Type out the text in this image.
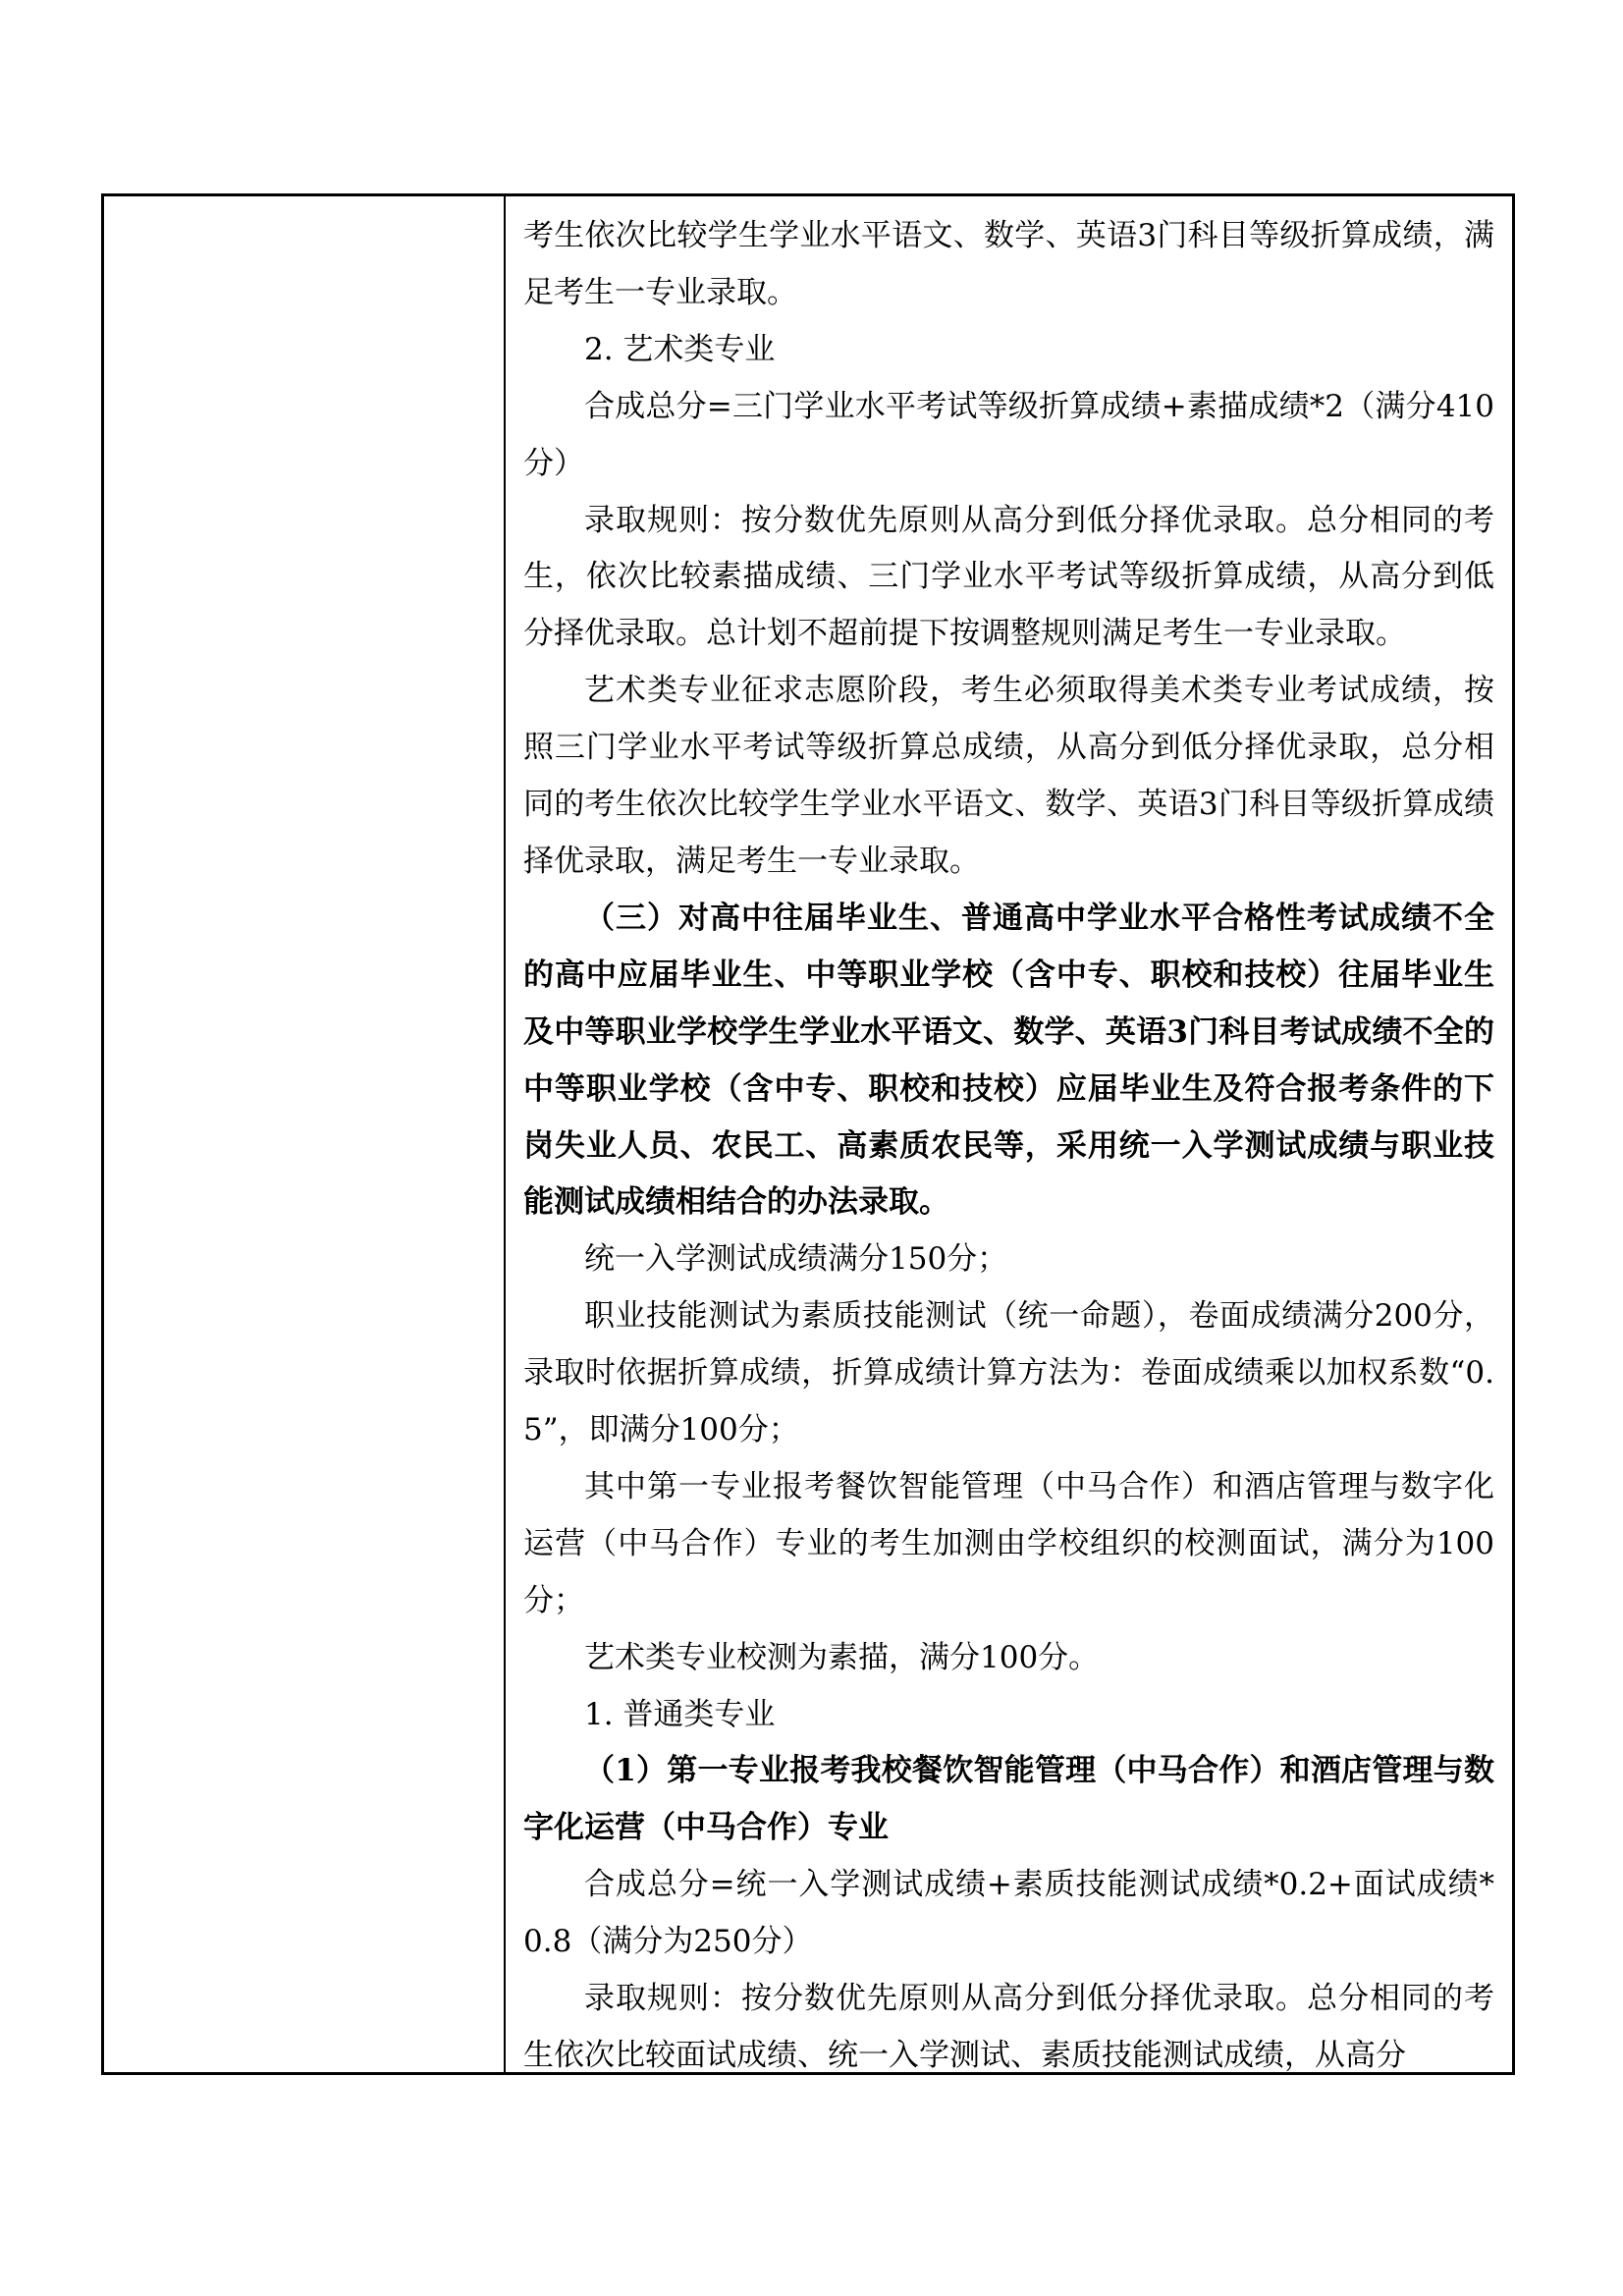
考生依次比较学生学业水平语文、数学、英语3门科目等级折算成绩，满足考生一专业录取。

2. 艺术类专业

合成总分=三门学业水平考试等级折算成绩+素描成绩*2（满分410分）

录取规则：按分数优先原则从高分到低分择优录取。总分相同的考生，依次比较素描成绩、三门学业水平考试等级折算成绩，从高分到低分择优录取。总计划不超前提下按调整规则满足考生一专业录取。

艺术类专业征求志愿阶段，考生必须取得美术类专业考试成绩，按照三门学业水平考试等级折算总成绩，从高分到低分择优录取，总分相同的考生依次比较学生学业水平语文、数学、英语3门科目等级折算成绩择优录取，满足考生一专业录取。

（三）对高中往届毕业生、普通高中学业水平合格性考试成绩不全的高中应届毕业生、中等职业学校（含中专、职校和技校）往届毕业生及中等职业学校学生学业水平语文、数学、英语3门科目考试成绩不全的中等职业学校（含中专、职校和技校）应届毕业生及符合报考条件的下岗失业人员、农民工、高素质农民等，采用统一入学测试成绩与职业技能测试成绩相结合的办法录取。

统一入学测试成绩满分150分；

职业技能测试为素质技能测试（统一命题），卷面成绩满分200分，录取时依据折算成绩，折算成绩计算方法为：卷面成绩乘以加权系数“0.5”，即满分100分；

其中第一专业报考餐饮智能管理（中马合作）和酒店管理与数字化运营（中马合作）专业的考生加测由学校组织的校测面试，满分为100分；

艺术类专业校测为素描，满分100分。

1. 普通类专业

（1）第一专业报考我校餐饮智能管理（中马合作）和酒店管理与数字化运营（中马合作）专业

合成总分=统一入学测试成绩+素质技能测试成绩*0.2+面试成绩*0.8（满分为250分）

录取规则：按分数优先原则从高分到低分择优录取。总分相同的考生依次比较面试成绩、统一入学测试、素质技能测试成绩，从高分
